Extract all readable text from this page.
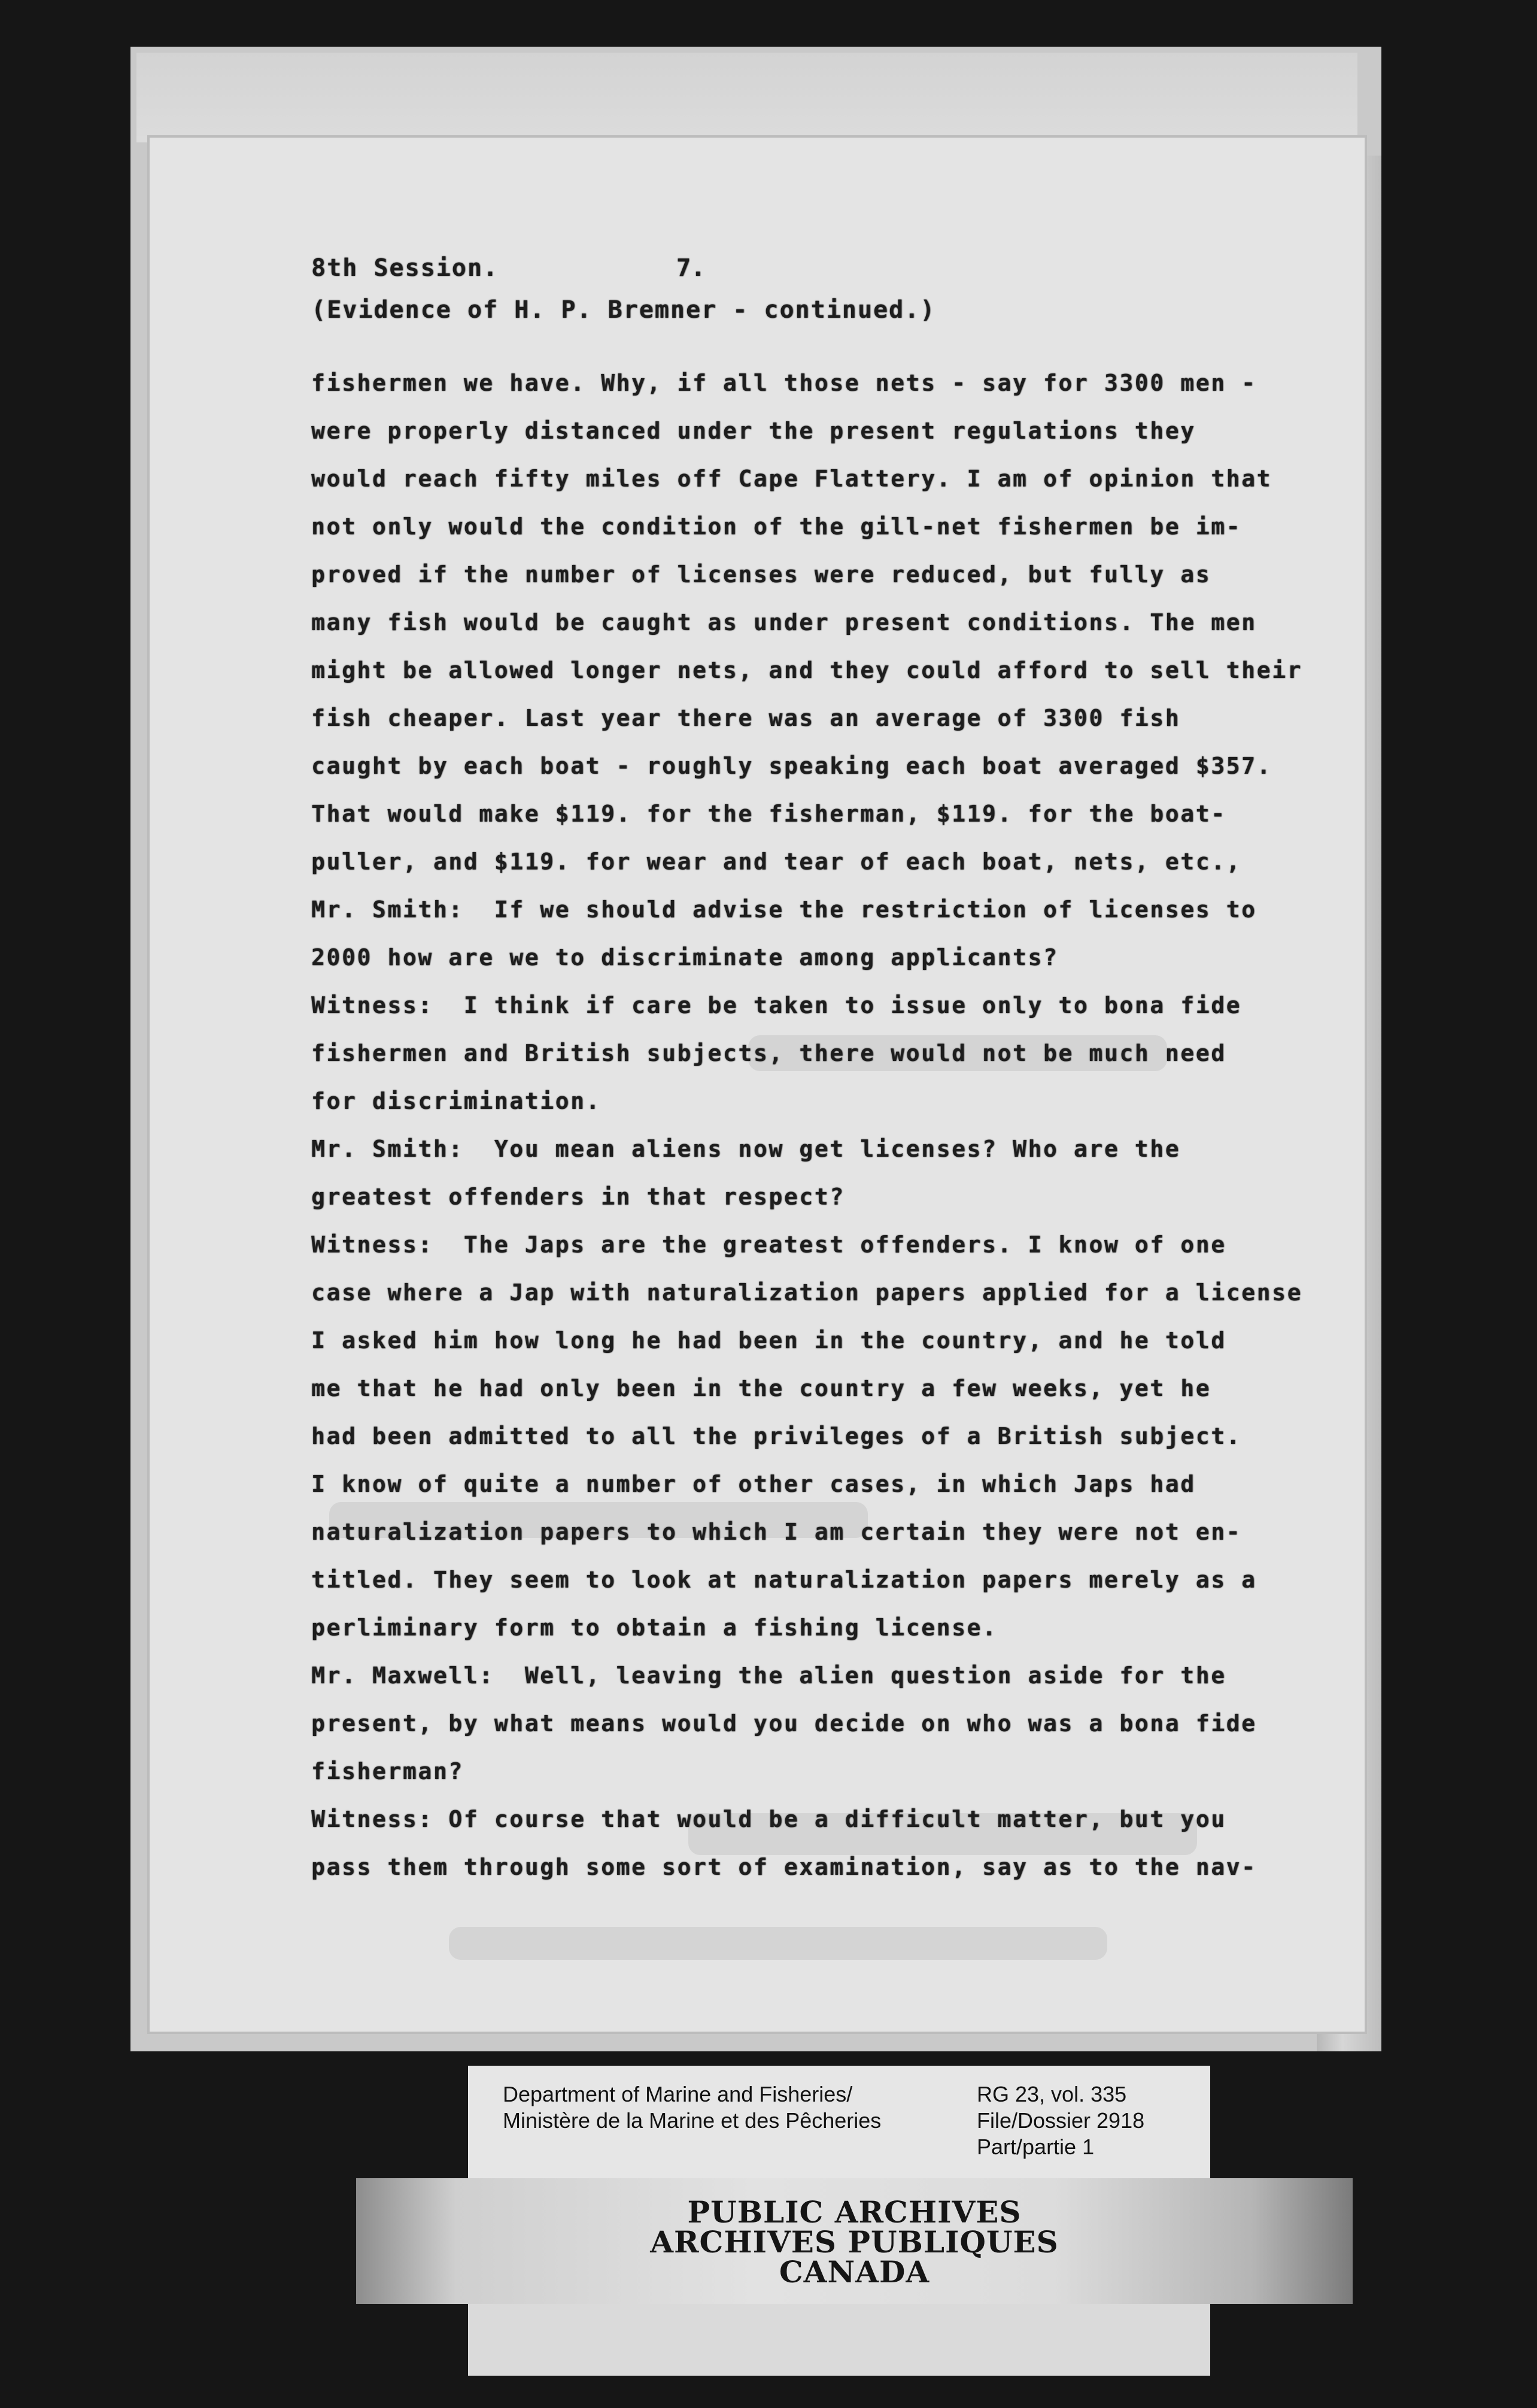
8th Session.	7.

(Evidence of H. P. Bremner - continued.)

fishermen we have. Why, if all those nets - say for 3300 men -
were properly distanced under the present regulations they
would reach fifty miles off Cape Flattery. I am of opinion that
not only would the condition of the gill-net fishermen be im-
proved if the number of licenses were reduced, but fully as
many fish would be caught as under present conditions. The men
might be allowed longer nets, and they could afford to sell their
fish cheaper. Last year there was an average of 3300 fish
caught by each boat - roughly speaking each boat averaged $357.
That would make $119. for the fisherman, $119. for the boat-
puller, and $119. for wear and tear of each boat, nets, etc.,
Mr. Smith:  If we should advise the restriction of licenses to
2000 how are we to discriminate among applicants?
Witness:  I think if care be taken to issue only to bona fide
fishermen and British subjects, there would not be much need
for discrimination.
Mr. Smith:  You mean aliens now get licenses? Who are the
greatest offenders in that respect?
Witness:  The Japs are the greatest offenders. I know of one
case where a Jap with naturalization papers applied for a license
I asked him how long he had been in the country, and he told
me that he had only been in the country a few weeks, yet he
had been admitted to all the privileges of a British subject.
I know of quite a number of other cases, in which Japs had
naturalization papers to which I am certain they were not en-
titled. They seem to look at naturalization papers merely as a
perliminary form to obtain a fishing license.
Mr. Maxwell:  Well, leaving the alien question aside for the
present, by what means would you decide on who was a bona fide
fisherman?
Witness: Of course that would be a difficult matter, but you
pass them through some sort of examination, say as to the nav-

Department of Marine and Fisheries/

Ministère de la Marine et des Pêcheries

RG 23, vol. 335

File/Dossier 2918

Part/partie 1

PUBLIC ARCHIVES

ARCHIVES PUBLIQUES

CANADA
